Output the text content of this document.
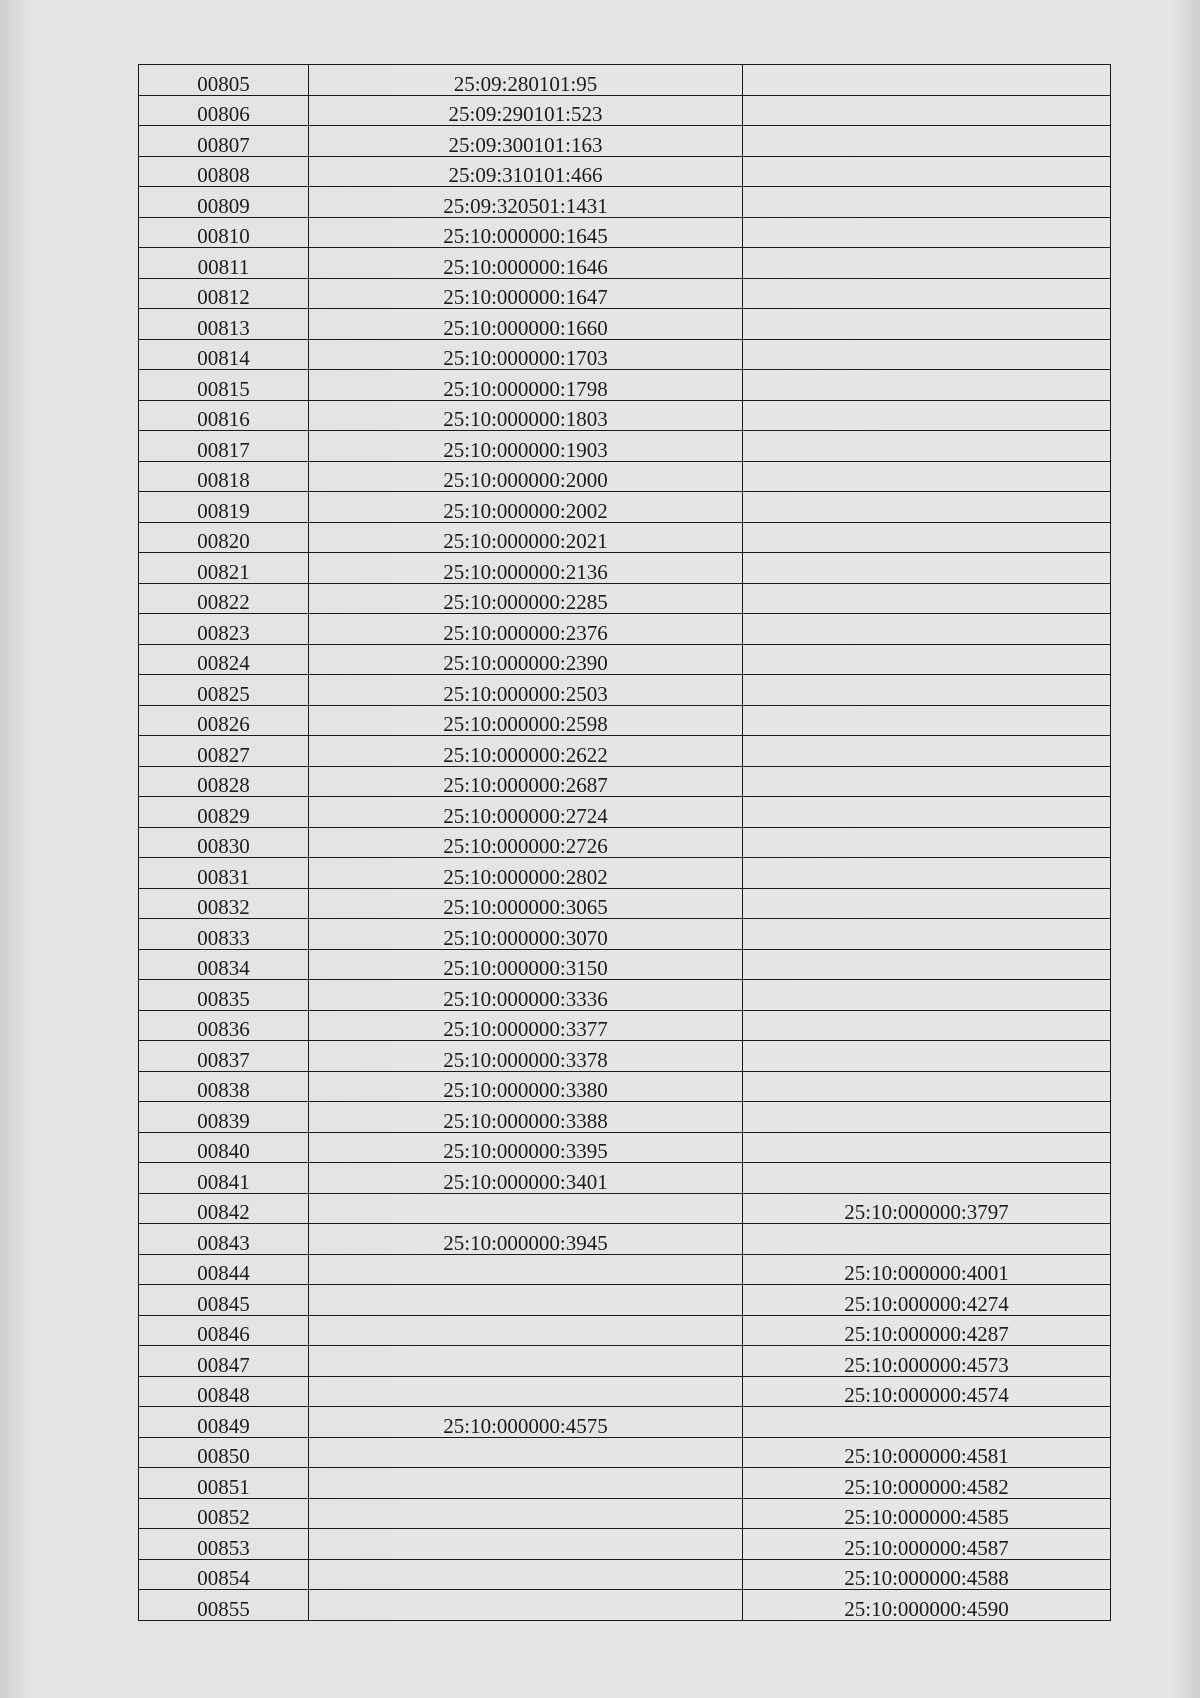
00805	25:09:280101:95	
00806	25:09:290101:523	
00807	25:09:300101:163	
00808	25:09:310101:466	
00809	25:09:320501:1431	
00810	25:10:000000:1645	
00811	25:10:000000:1646	
00812	25:10:000000:1647	
00813	25:10:000000:1660	
00814	25:10:000000:1703	
00815	25:10:000000:1798	
00816	25:10:000000:1803	
00817	25:10:000000:1903	
00818	25:10:000000:2000	
00819	25:10:000000:2002	
00820	25:10:000000:2021	
00821	25:10:000000:2136	
00822	25:10:000000:2285	
00823	25:10:000000:2376	
00824	25:10:000000:2390	
00825	25:10:000000:2503	
00826	25:10:000000:2598	
00827	25:10:000000:2622	
00828	25:10:000000:2687	
00829	25:10:000000:2724	
00830	25:10:000000:2726	
00831	25:10:000000:2802	
00832	25:10:000000:3065	
00833	25:10:000000:3070	
00834	25:10:000000:3150	
00835	25:10:000000:3336	
00836	25:10:000000:3377	
00837	25:10:000000:3378	
00838	25:10:000000:3380	
00839	25:10:000000:3388	
00840	25:10:000000:3395	
00841	25:10:000000:3401	
00842		25:10:000000:3797
00843	25:10:000000:3945	
00844		25:10:000000:4001
00845		25:10:000000:4274
00846		25:10:000000:4287
00847		25:10:000000:4573
00848		25:10:000000:4574
00849	25:10:000000:4575	
00850		25:10:000000:4581
00851		25:10:000000:4582
00852		25:10:000000:4585
00853		25:10:000000:4587
00854		25:10:000000:4588
00855		25:10:000000:4590
